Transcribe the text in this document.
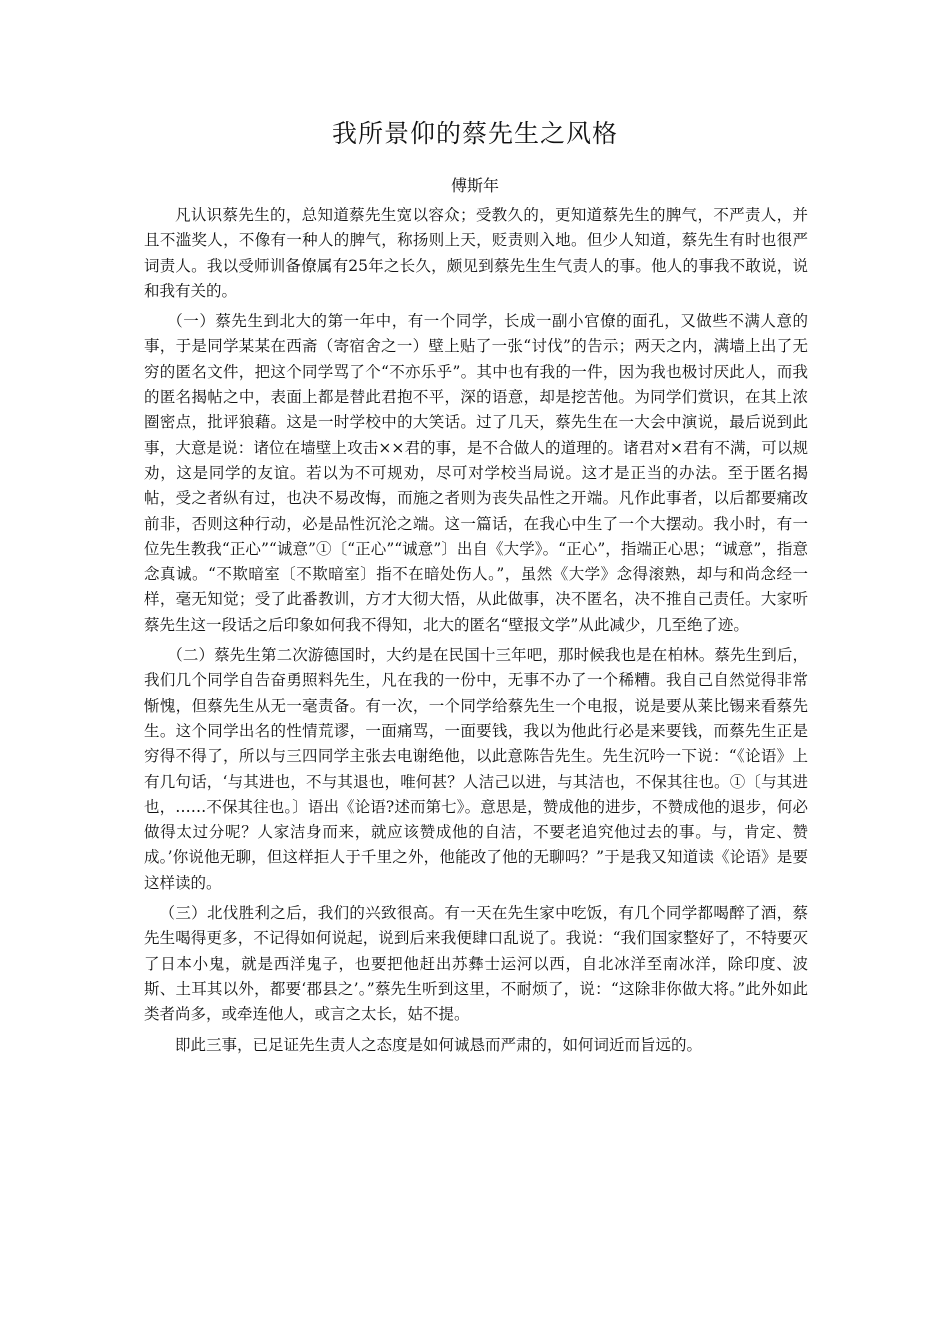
我所景仰的蔡先生之风格

傅斯年

凡认识蔡先生的，总知道蔡先生宽以容众；受教久的，更知道蔡先生的脾气，不严责人，并且不滥奖人，不像有一种人的脾气，称扬则上天，贬责则入地。但少人知道，蔡先生有时也很严词责人。我以受师训备僚属有25年之长久，颇见到蔡先生生气责人的事。他人的事我不敢说，说和我有关的。

（一）蔡先生到北大的第一年中，有一个同学，长成一副小官僚的面孔，又做些不满人意的事，于是同学某某在西斋（寄宿舍之一）壁上贴了一张“讨伐”的告示；两天之内，满墙上出了无穷的匿名文件，把这个同学骂了个“不亦乐乎”。其中也有我的一件，因为我也极讨厌此人，而我的匿名揭帖之中，表面上都是替此君抱不平，深的语意，却是挖苦他。为同学们赏识，在其上浓圈密点，批评狼藉。这是一时学校中的大笑话。过了几天，蔡先生在一大会中演说，最后说到此事，大意是说：诸位在墙壁上攻击××君的事，是不合做人的道理的。诸君对×君有不满，可以规劝，这是同学的友谊。若以为不可规劝，尽可对学校当局说。这才是正当的办法。至于匿名揭帖，受之者纵有过，也决不易改悔，而施之者则为丧失品性之开端。凡作此事者，以后都要痛改前非，否则这种行动，必是品性沉沦之端。这一篇话，在我心中生了一个大摆动。我小时，有一位先生教我“正心”“诚意”①〔“正心”“诚意”〕出自《大学》。“正心”，指端正心思；“诚意”，指意念真诚。“不欺暗室〔不欺暗室〕指不在暗处伤人。”，虽然《大学》念得滚熟，却与和尚念经一样，毫无知觉；受了此番教训，方才大彻大悟，从此做事，决不匿名，决不推自己责任。大家听蔡先生这一段话之后印象如何我不得知，北大的匿名“壁报文学”从此减少，几至绝了迹。

（二）蔡先生第二次游德国时，大约是在民国十三年吧，那时候我也是在柏林。蔡先生到后，我们几个同学自告奋勇照料先生，凡在我的一份中，无事不办了一个稀糟。我自己自然觉得非常惭愧，但蔡先生从无一毫责备。有一次，一个同学给蔡先生一个电报，说是要从莱比锡来看蔡先生。这个同学出名的性情荒谬，一面痛骂，一面要钱，我以为他此行必是来要钱，而蔡先生正是穷得不得了，所以与三四同学主张去电谢绝他，以此意陈告先生。先生沉吟一下说：“《论语》上有几句话，‘与其进也，不与其退也，唯何甚？人洁己以进，与其洁也，不保其往也。①〔与其进也，……不保其往也。〕语出《论语?述而第七》。意思是，赞成他的进步，不赞成他的退步，何必做得太过分呢？人家洁身而来，就应该赞成他的自洁，不要老追究他过去的事。与，肯定、赞成。’你说他无聊，但这样拒人于千里之外，他能改了他的无聊吗？”于是我又知道读《论语》是要这样读的。

（三）北伐胜利之后，我们的兴致很高。有一天在先生家中吃饭，有几个同学都喝醉了酒，蔡先生喝得更多，不记得如何说起，说到后来我便肆口乱说了。我说：“我们国家整好了，不特要灭了日本小鬼，就是西洋鬼子，也要把他赶出苏彝士运河以西，自北冰洋至南冰洋，除印度、波斯、土耳其以外，都要‘郡县之’。”蔡先生听到这里，不耐烦了，说：“这除非你做大将。”此外如此类者尚多，或牵连他人，或言之太长，姑不提。

即此三事，已足证先生责人之态度是如何诚恳而严肃的，如何词近而旨远的。
